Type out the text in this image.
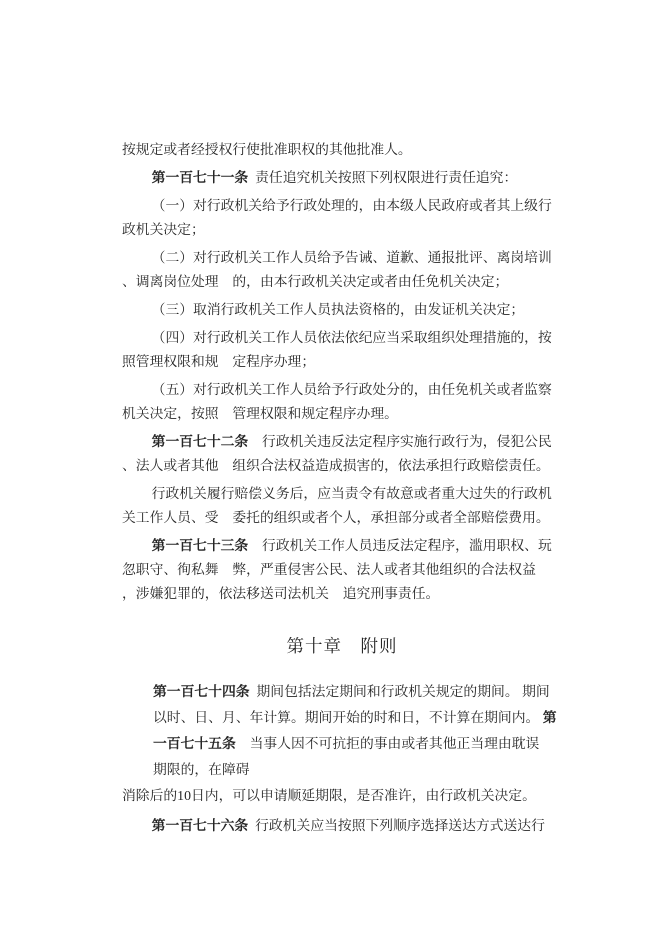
按规定或者经授权行使批准职权的其他批准人。

第一百七十一条  责任追究机关按照下列权限进行责任追究：

（一）对行政机关给予行政处理的，由本级人民政府或者其上级行
政机关决定；

（二）对行政机关工作人员给予告诫、道歉、通报批评、离岗培训
、调离岗位处理　的，由本行政机关决定或者由任免机关决定；

（三）取消行政机关工作人员执法资格的，由发证机关决定；

（四）对行政机关工作人员依法依纪应当采取组织处理措施的，按
照管理权限和规　定程序办理；

（五）对行政机关工作人员给予行政处分的，由任免机关或者监察
机关决定，按照　管理权限和规定程序办理。

第一百七十二条　行政机关违反法定程序实施行政行为，侵犯公民
、法人或者其他　组织合法权益造成损害的，依法承担行政赔偿责任。

行政机关履行赔偿义务后，应当责令有故意或者重大过失的行政机
关工作人员、受　委托的组织或者个人，承担部分或者全部赔偿费用。

第一百七十三条　行政机关工作人员违反法定程序，滥用职权、玩
忽职守、徇私舞　弊，严重侵害公民、法人或者其他组织的合法权益
，涉嫌犯罪的，依法移送司法机关　追究刑事责任。

第十章　附则

第一百七十四条  期间包括法定期间和行政机关规定的期间。 期间
以时、日、月、年计算。期间开始的时和日，不计算在期间内。 第
一百七十五条　当事人因不可抗拒的事由或者其他正当理由耽误
期限的，在障碍

消除后的10日内，可以申请顺延期限，是否准许，由行政机关决定。

第一百七十六条  行政机关应当按照下列顺序选择送达方式送达行
